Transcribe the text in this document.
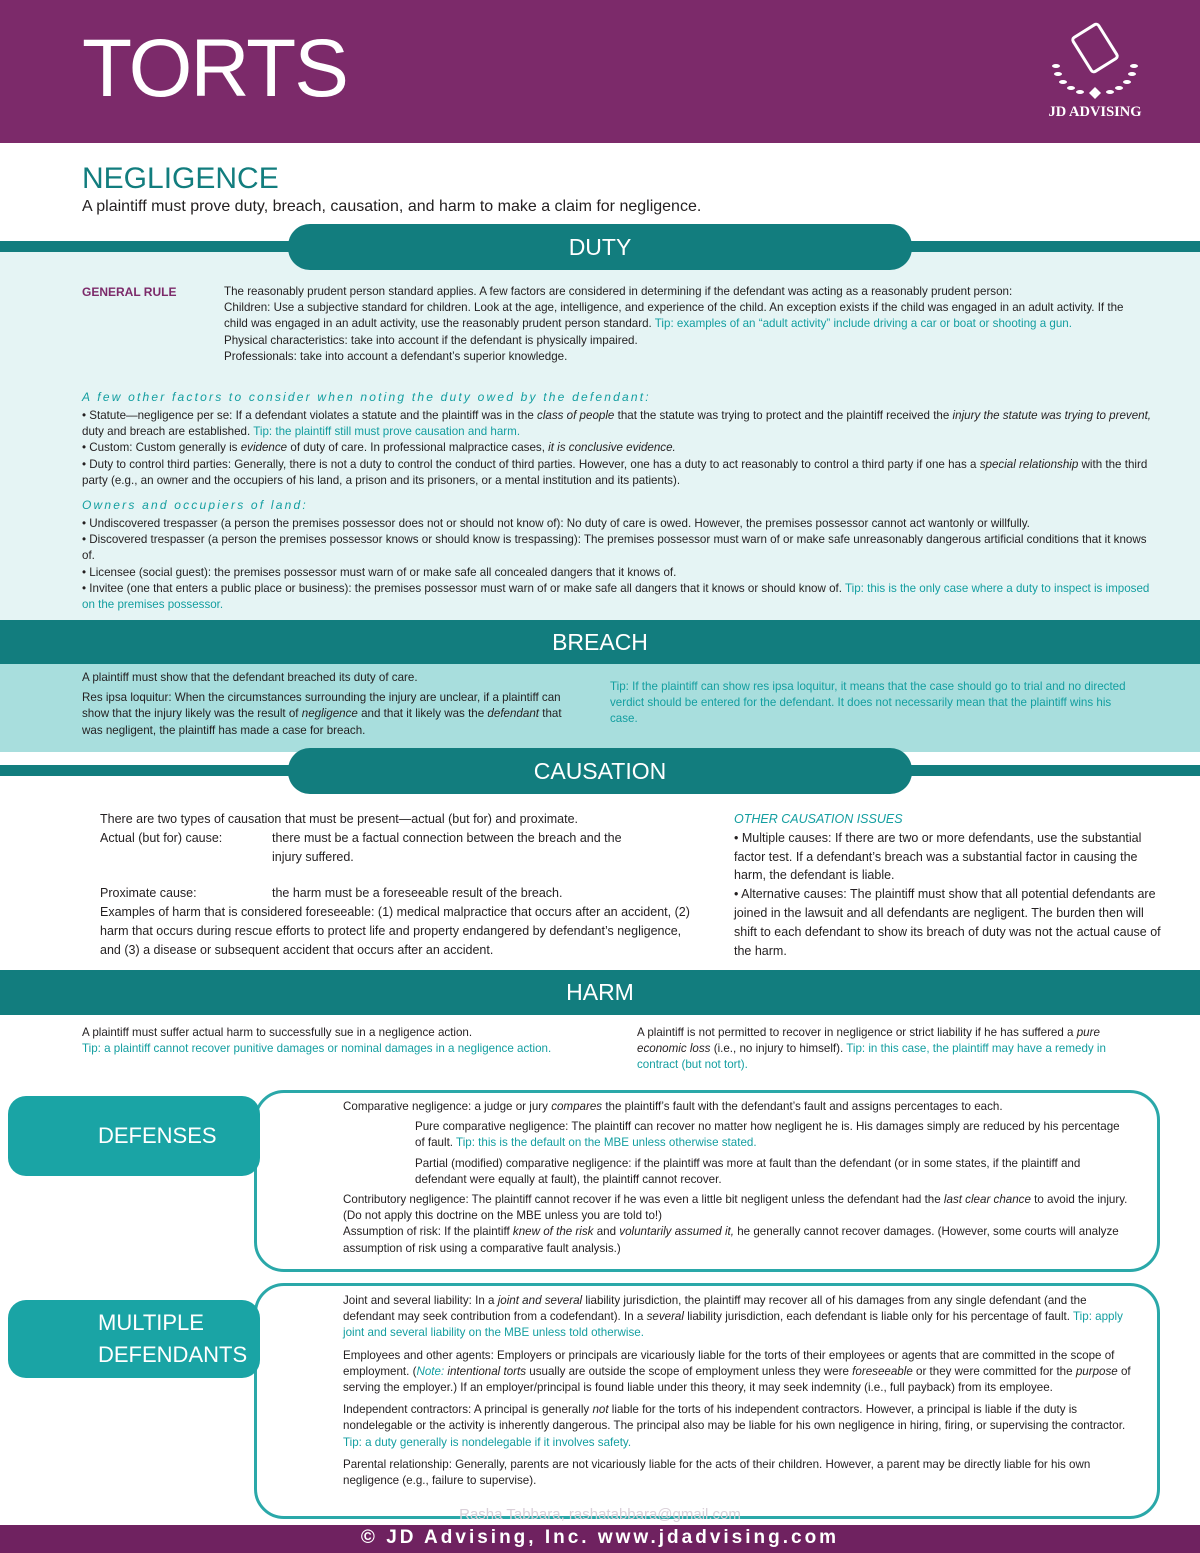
TORTS	JD ADVISING
NEGLIGENCE
A plaintiff must prove duty, breach, causation, and harm to make a claim for negligence.
DUTY
GENERAL RULE	The reasonably prudent person standard applies. A few factors are considered in determining if the defendant was acting as a reasonably prudent person:
Children: Use a subjective standard for children. Look at the age, intelligence, and experience of the child. An exception exists if the child was engaged in an adult activity. If the child was engaged in an adult activity, use the reasonably prudent person standard. Tip: examples of an “adult activity” include driving a car or boat or shooting a gun.
Physical characteristics: take into account if the defendant is physically impaired.
Professionals: take into account a defendant’s superior knowledge.
A few other factors to consider when noting the duty owed by the defendant:
• Statute—negligence per se: If a defendant violates a statute and the plaintiff was in the class of people that the statute was trying to protect and the plaintiff received the injury the statute was trying to prevent, duty and breach are established. Tip: the plaintiff still must prove causation and harm.
• Custom: Custom generally is evidence of duty of care. In professional malpractice cases, it is conclusive evidence.
• Duty to control third parties: Generally, there is not a duty to control the conduct of third parties. However, one has a duty to act reasonably to control a third party if one has a special relationship with the third party (e.g., an owner and the occupiers of his land, a prison and its prisoners, or a mental institution and its patients).
Owners and occupiers of land:
• Undiscovered trespasser (a person the premises possessor does not or should not know of): No duty of care is owed. However, the premises possessor cannot act wantonly or willfully.
• Discovered trespasser (a person the premises possessor knows or should know is trespassing): The premises possessor must warn of or make safe unreasonably dangerous artificial conditions that it knows of.
• Licensee (social guest): the premises possessor must warn of or make safe all concealed dangers that it knows of.
• Invitee (one that enters a public place or business): the premises possessor must warn of or make safe all dangers that it knows or should know of. Tip: this is the only case where a duty to inspect is imposed on the premises possessor.
BREACH
A plaintiff must show that the defendant breached its duty of care.
Res ipsa loquitur: When the circumstances surrounding the injury are unclear, if a plaintiff can show that the injury likely was the result of negligence and that it likely was the defendant that was negligent, the plaintiff has made a case for breach.
Tip: If the plaintiff can show res ipsa loquitur, it means that the case should go to trial and no directed verdict should be entered for the defendant. It does not necessarily mean that the plaintiff wins his case.
CAUSATION
There are two types of causation that must be present—actual (but for) and proximate.
Actual (but for) cause:	there must be a factual connection between the breach and the injury suffered.
Proximate cause:	the harm must be a foreseeable result of the breach.
Examples of harm that is considered foreseeable: (1) medical malpractice that occurs after an accident, (2) harm that occurs during rescue efforts to protect life and property endangered by defendant’s negligence, and (3) a disease or subsequent accident that occurs after an accident.
OTHER CAUSATION ISSUES
• Multiple causes: If there are two or more defendants, use the substantial factor test. If a defendant’s breach was a substantial factor in causing the harm, the defendant is liable.
• Alternative causes: The plaintiff must show that all potential defendants are joined in the lawsuit and all defendants are negligent. The burden then will shift to each defendant to show its breach of duty was not the actual cause of the harm.
HARM
A plaintiff must suffer actual harm to successfully sue in a negligence action.
Tip: a plaintiff cannot recover punitive damages or nominal damages in a negligence action.
A plaintiff is not permitted to recover in negligence or strict liability if he has suffered a pure economic loss (i.e., no injury to himself). Tip: in this case, the plaintiff may have a remedy in contract (but not tort).
DEFENSES
Comparative negligence: a judge or jury compares the plaintiff’s fault with the defendant’s fault and assigns percentages to each.
Pure comparative negligence: The plaintiff can recover no matter how negligent he is. His damages simply are reduced by his percentage of fault. Tip: this is the default on the MBE unless otherwise stated.
Partial (modified) comparative negligence: if the plaintiff was more at fault than the defendant (or in some states, if the plaintiff and defendant were equally at fault), the plaintiff cannot recover.
Contributory negligence: The plaintiff cannot recover if he was even a little bit negligent unless the defendant had the last clear chance to avoid the injury. (Do not apply this doctrine on the MBE unless you are told to!)
Assumption of risk: If the plaintiff knew of the risk and voluntarily assumed it, he generally cannot recover damages. (However, some courts will analyze assumption of risk using a comparative fault analysis.)
MULTIPLE
DEFENDANTS
Joint and several liability: In a joint and several liability jurisdiction, the plaintiff may recover all of his damages from any single defendant (and the defendant may seek contribution from a codefendant). In a several liability jurisdiction, each defendant is liable only for his percentage of fault. Tip: apply joint and several liability on the MBE unless told otherwise.
Employees and other agents: Employers or principals are vicariously liable for the torts of their employees or agents that are committed in the scope of employment. (Note: intentional torts usually are outside the scope of employment unless they were foreseeable or they were committed for the purpose of serving the employer.) If an employer/principal is found liable under this theory, it may seek indemnity (i.e., full payback) from its employee.
Independent contractors: A principal is generally not liable for the torts of his independent contractors. However, a principal is liable if the duty is nondelegable or the activity is inherently dangerous. The principal also may be liable for his own negligence in hiring, firing, or supervising the contractor. Tip: a duty generally is nondelegable if it involves safety.
Parental relationship: Generally, parents are not vicariously liable for the acts of their children. However, a parent may be directly liable for his own negligence (e.g., failure to supervise).
Rasha Tabbara, rashatabbara@gmail.com
© JD Advising, Inc. www.jdadvising.com
